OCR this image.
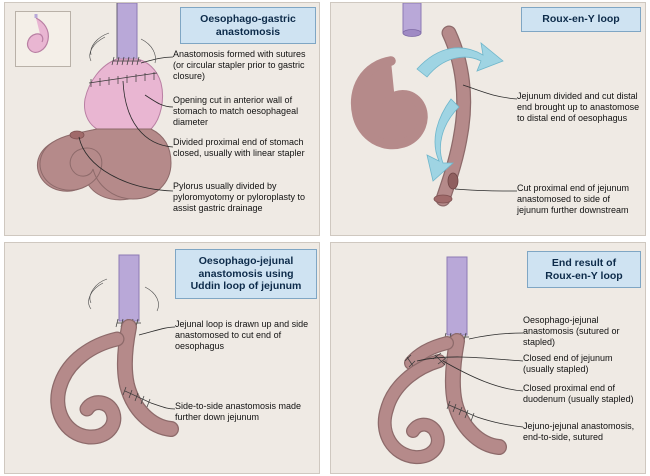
Oesophago-gastric
anastomosis
Anastomosis formed with sutures (or circular stapler prior to gastric closure)
Opening cut in anterior wall of stomach to match oesophageal diameter
Divided proximal end of stomach closed, usually with linear stapler
Pylorus usually divided by pyloromyotomy or pyloroplasty to assist gastric drainage
Roux-en-Y loop
Jejunum divided and cut distal end brought up to anastomose to distal end of oesophagus
Cut proximal end of jejunum anastomosed to side of jejunum further downstream
Oesophago-jejunal
anastomosis using
Uddin loop of jejunum
Jejunal loop is drawn up and side anastomosed to cut end of oesophagus
Side-to-side anastomosis made further down jejunum
End result of
Roux-en-Y loop
Oesophago-jejunal anastomosis (sutured or stapled)
Closed end of jejunum (usually stapled)
Closed proximal end of duodenum (usually stapled)
Jejuno-jejunal anastomosis, end-to-side, sutured
